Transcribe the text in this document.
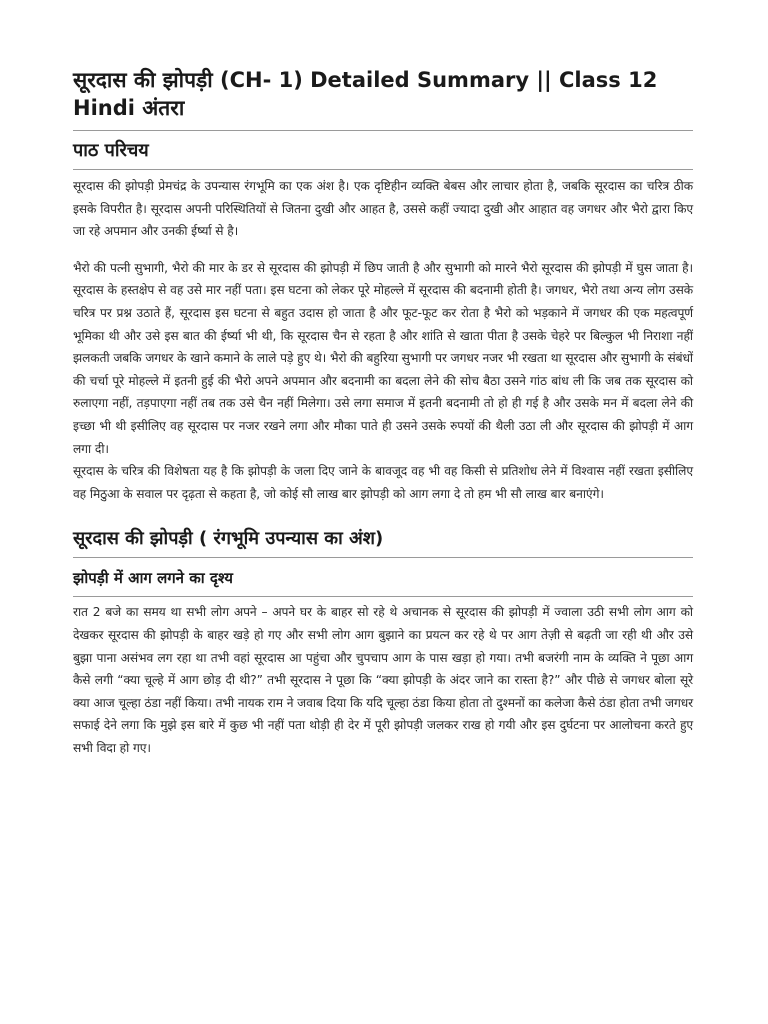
सूरदास की झोपड़ी (CH- 1) Detailed Summary || Class 12 Hindi अंतरा
पाठ परिचय

सूरदास की झोपड़ी प्रेमचंद्र के उपन्यास रंगभूमि का एक अंश है। एक दृष्टिहीन व्यक्ति बेबस और लाचार होता है, जबकि सूरदास का चरित्र ठीक इसके विपरीत है। सूरदास अपनी परिस्थितियों से जितना दुखी और आहत है, उससे कहीं ज्यादा दुखी और आहात वह जगधर और भैरो द्वारा किए जा रहे अपमान और उनकी ईर्ष्या से है।

भैरो की पत्नी सुभागी, भैरो की मार के डर से सूरदास की झोपड़ी में छिप जाती है और सुभागी को मारने भैरो सूरदास की झोपड़ी में घुस जाता है। सूरदास के हस्तक्षेप से वह उसे मार नहीं पता। इस घटना को लेकर पूरे मोहल्ले में सूरदास की बदनामी होती है। जगधर, भैरो तथा अन्य लोग उसके चरित्र पर प्रश्न उठाते हैं, सूरदास इस घटना से बहुत उदास हो जाता है और फूट-फूट कर रोता है भैरो को भड़काने में जगधर की एक महत्वपूर्ण भूमिका थी और उसे इस बात की ईर्ष्या भी थी, कि सूरदास चैन से रहता है और शांति से खाता पीता है उसके चेहरे पर बिल्कुल भी निराशा नहीं झलकती जबकि जगधर के खाने कमाने के लाले पड़े हुए थे। भैरो की बहुरिया सुभागी पर जगधर नजर भी रखता था सूरदास और सुभागी के संबंधों की चर्चा पूरे मोहल्ले में इतनी हुई की भैरो अपने अपमान और बदनामी का बदला लेने की सोच बैठा उसने गांठ बांध ली कि जब तक सूरदास को रुलाएगा नहीं, तड़पाएगा नहीं तब तक उसे चैन नहीं मिलेगा। उसे लगा समाज में इतनी बदनामी तो हो ही गई है और उसके मन में बदला लेने की इच्छा भी थी इसीलिए वह सूरदास पर नजर रखने लगा और मौका पाते ही उसने उसके रुपयों की थैली उठा ली और सूरदास की झोपड़ी में आग लगा दी।

सूरदास के चरित्र की विशेषता यह है कि झोपड़ी के जला दिए जाने के बावजूद वह भी वह किसी से प्रतिशोध लेने में विश्वास नहीं रखता इसीलिए वह मिठुआ के सवाल पर दृढ़ता से कहता है, जो कोई सौ लाख बार झोपड़ी को आग लगा दे तो हम भी सौ लाख बार बनाएंगे।

सूरदास की झोपड़ी ( रंगभूमि उपन्यास का अंश)
झोपड़ी में आग लगने का दृश्य

रात 2 बजे का समय था सभी लोग अपने – अपने घर के बाहर सो रहे थे अचानक से सूरदास की झोपड़ी में ज्वाला उठी सभी लोग आग को देखकर सूरदास की झोपड़ी के बाहर खड़े हो गए और सभी लोग आग बुझाने का प्रयत्न कर रहे थे पर आग तेज़ी से बढ़ती जा रही थी और उसे बुझा पाना असंभव लग रहा था तभी वहां सूरदास आ पहुंचा और चुपचाप आग के पास खड़ा हो गया। तभी बजरंगी नाम के व्यक्ति ने पूछा आग कैसे लगी “क्या चूल्हे में आग छोड़ दी थी?” तभी सूरदास ने पूछा कि “क्या झोपड़ी के अंदर जाने का रास्ता है?” और पीछे से जगधर बोला सूरे क्या आज चूल्हा ठंडा नहीं किया। तभी नायक राम ने जवाब दिया कि यदि चूल्हा ठंडा किया होता तो दुश्मनों का कलेजा कैसे ठंडा होता तभी जगधर सफाई देने लगा कि मुझे इस बारे में कुछ भी नहीं पता थोड़ी ही देर में पूरी झोपड़ी जलकर राख हो गयी और इस दुर्घटना पर आलोचना करते हुए सभी विदा हो गए।
